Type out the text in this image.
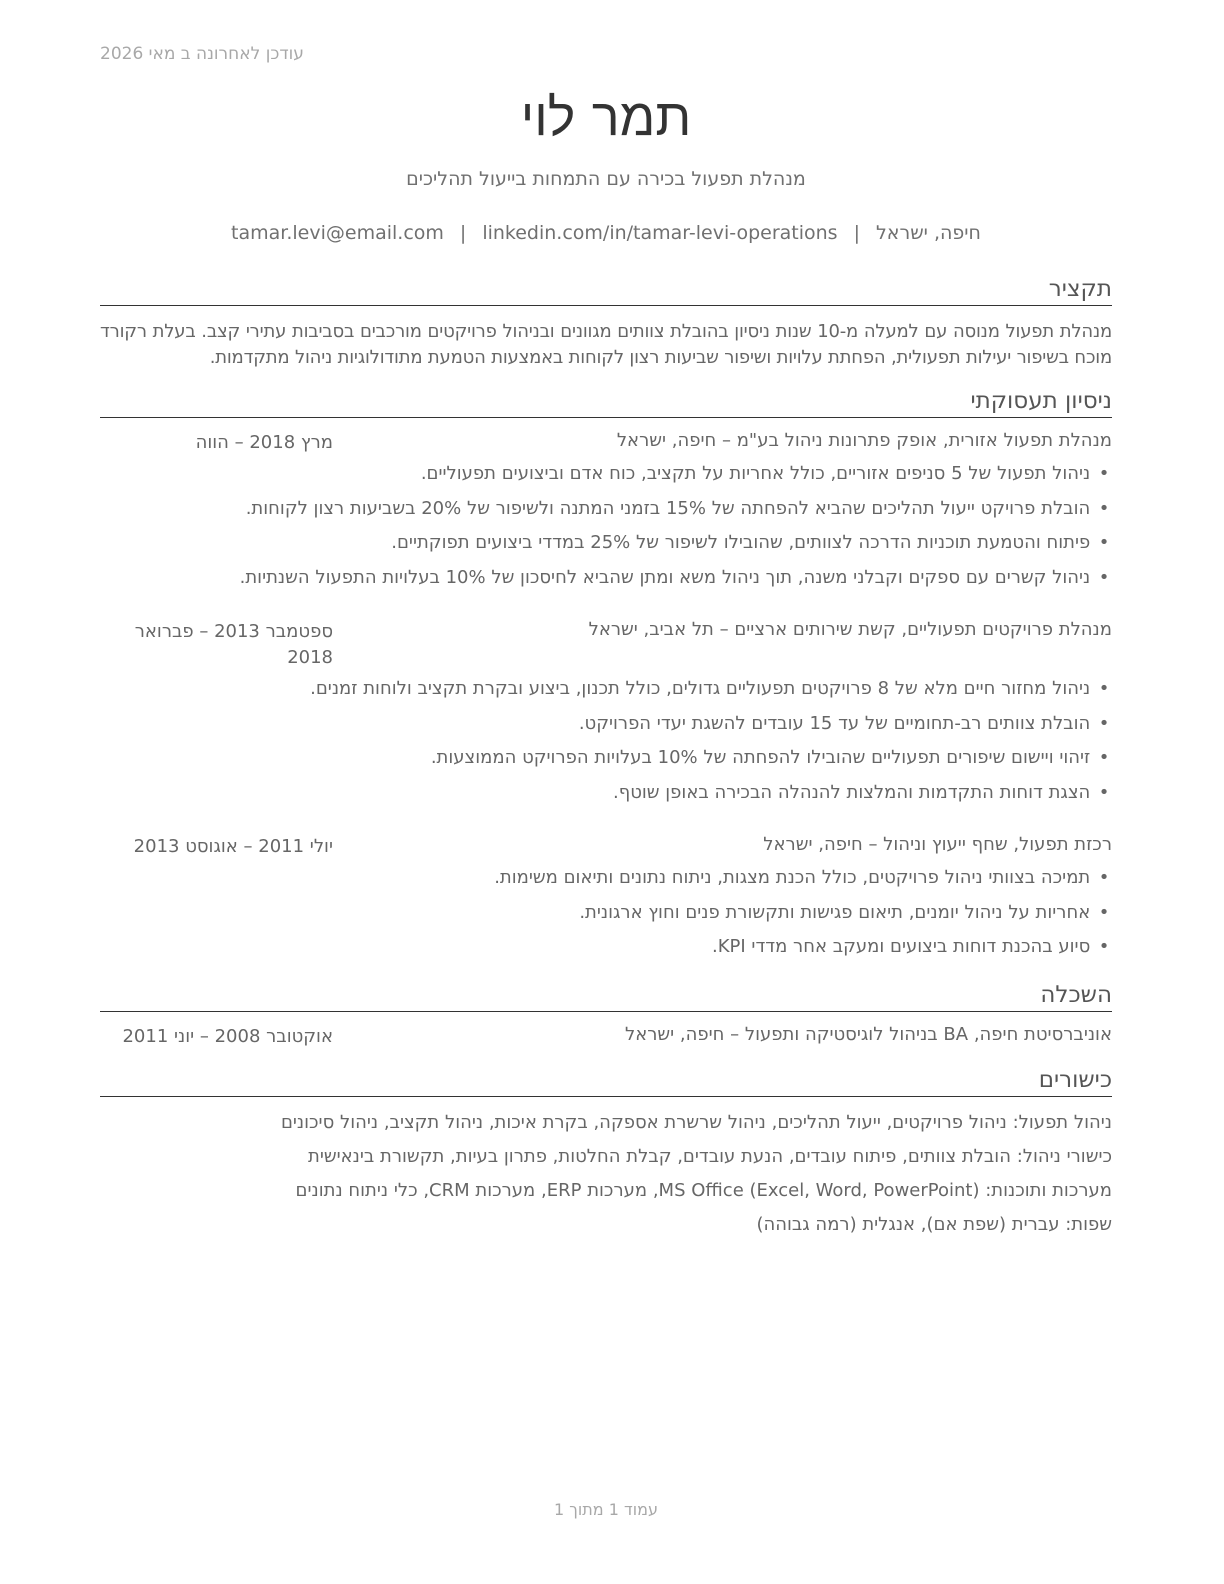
עודכן לאחרונה ב מאי 2026
תמר לוי
מנהלת תפעול בכירה עם התמחות בייעול תהליכים
חיפה, ישראל|tamar.levi@email.com | linkedin.com/in/tamar-levi-operations
תקציר
מנהלת תפעול מנוסה עם למעלה מ-10 שנות ניסיון בהובלת צוותים מגוונים ובניהול פרויקטים מורכבים בסביבות עתירי קצב. בעלת רקורד מוכח בשיפור יעילות תפעולית, הפחתת עלויות ושיפור שביעות רצון לקוחות באמצעות הטמעת מתודולוגיות ניהול מתקדמות.
ניסיון תעסוקתי
מנהלת תפעול אזורית, אופק פתרונות ניהול בע"מ – חיפה, ישראל
מרץ 2018 – הווה
• ניהול תפעול של 5 סניפים אזוריים, כולל אחריות על תקציב, כוח אדם וביצועים תפעוליים.
• הובלת פרויקט ייעול תהליכים שהביא להפחתה של 15% בזמני המתנה ולשיפור של 20% בשביעות רצון לקוחות.
• פיתוח והטמעת תוכניות הדרכה לצוותים, שהובילו לשיפור של 25% במדדי ביצועים תפוקתיים.
• ניהול קשרים עם ספקים וקבלני משנה, תוך ניהול משא ומתן שהביא לחיסכון של 10% בעלויות התפעול השנתיות.
מנהלת פרויקטים תפעוליים, קשת שירותים ארציים – תל אביב, ישראל
ספטמבר 2013 – פברואר 2018
• ניהול מחזור חיים מלא של 8 פרויקטים תפעוליים גדולים, כולל תכנון, ביצוע ובקרת תקציב ולוחות זמנים.
• הובלת צוותים רב-תחומיים של עד 15 עובדים להשגת יעדי הפרויקט.
• זיהוי ויישום שיפורים תפעוליים שהובילו להפחתה של 10% בעלויות הפרויקט הממוצעות.
• הצגת דוחות התקדמות והמלצות להנהלה הבכירה באופן שוטף.
רכזת תפעול, שחף ייעוץ וניהול – חיפה, ישראל
יולי 2011 – אוגוסט 2013
• תמיכה בצוותי ניהול פרויקטים, כולל הכנת מצגות, ניתוח נתונים ותיאום משימות.
• אחריות על ניהול יומנים, תיאום פגישות ותקשורת פנים וחוץ ארגונית.
• סיוע בהכנת דוחות ביצועים ומעקב אחר מדדי KPI.
השכלה
אוניברסיטת חיפה, BA בניהול לוגיסטיקה ותפעול – חיפה, ישראל
אוקטובר 2008 – יוני 2011
כישורים
ניהול תפעול: ניהול פרויקטים, ייעול תהליכים, ניהול שרשרת אספקה, בקרת איכות, ניהול תקציב, ניהול סיכונים
כישורי ניהול: הובלת צוותים, פיתוח עובדים, הנעת עובדים, קבלת החלטות, פתרון בעיות, תקשורת בינאישית
מערכות ותוכנות: MS Office (Excel, Word, PowerPoint), מערכות ERP, מערכות CRM, כלי ניתוח נתונים
שפות: עברית (שפת אם), אנגלית (רמה גבוהה)
עמוד 1 מתוך 1
